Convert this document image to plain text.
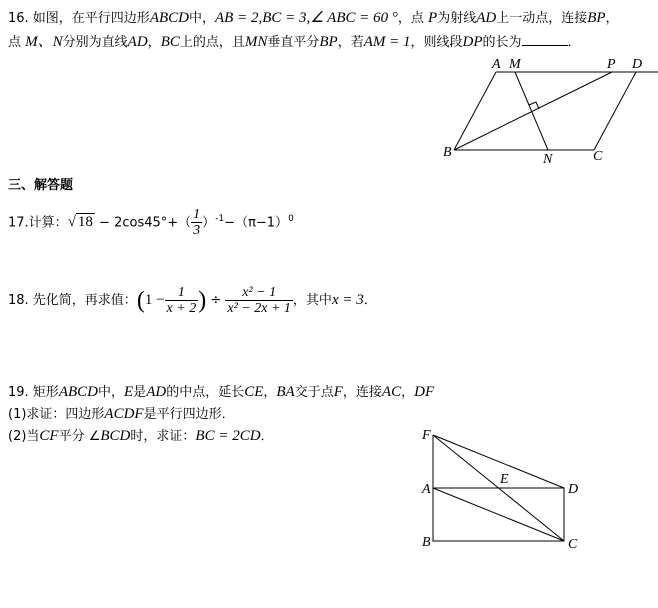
16. 如图，在平行四边形ABCD中，AB = 2,BC = 3,∠ ABC = 60 °，点 P为射线AD上一动点，连接BP，
点 M、N分别为直线AD，BC上的点，且MN垂直平分BP，若AM = 1，则线段DP的长为	．
A M	P D
B	N	C
三、解答题
17.计算：√ $18 - 2\cos 45^\circ+( \frac{1}{3} )^{-1}-(\pi-1)^0$
18. 先化简，再求值：($1 - \frac{1}{x + 2}$ ) ÷ $\frac{\text{x² − 1}}{\text{x² − 2x + 1}}$ ，其中x = 3．
19. 矩形ABCD中，E是AD的中点，延长CE，BA交于点F，连接AC，DF
(1)求证：四边形ACDF是平行四边形．
(2)当CF平分 ∠BCD时，求证：BC = 2CD．	F
A
E
D
B	C
